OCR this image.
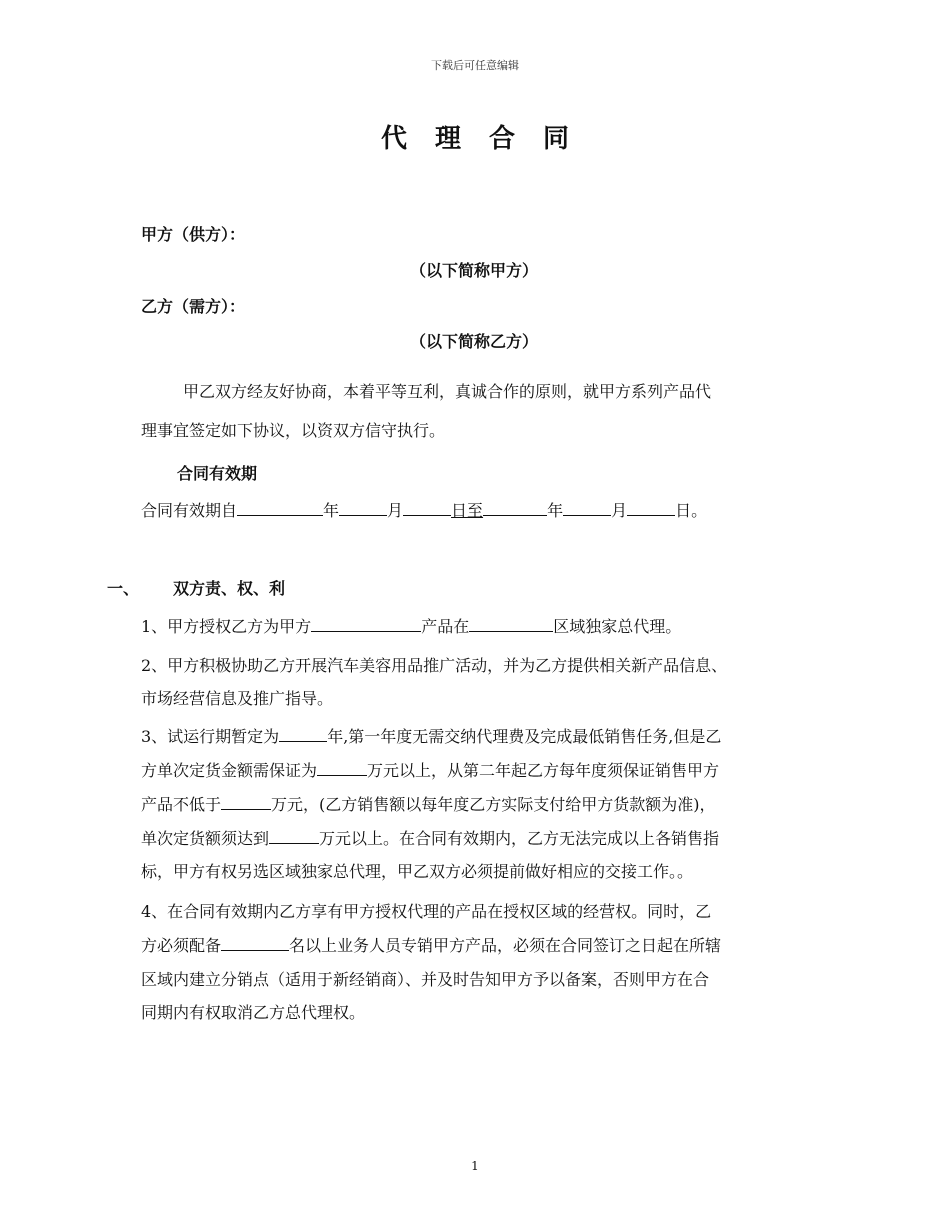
下载后可任意编辑
代理合同
甲方（供方）：
（以下简称甲方）
乙方（需方）：
（以下简称乙方）
甲乙双方经友好协商，本着平等互利，真诚合作的原则，就甲方系列产品代
理事宜签定如下协议，以资双方信守执行。
合同有效期
合同有效期自	年	月	日至	年	月	日。
一、 双方责、权、利
1、甲方授权乙方为甲方	产品在	区域独家总代理。
2、甲方积极协助乙方开展汽车美容用品推广活动，并为乙方提供相关新产品信息、
市场经营信息及推广指导。
3、试运行期暂定为	年,第一年度无需交纳代理费及完成最低销售任务,但是乙
方单次定货金额需保证为	万元以上，从第二年起乙方每年度须保证销售甲方
产品不低于	万元，(乙方销售额以每年度乙方实际支付给甲方货款额为准)，
单次定货额须达到	万元以上。在合同有效期内，乙方无法完成以上各销售指
标，甲方有权另选区域独家总代理，甲乙双方必须提前做好相应的交接工作。。
4、在合同有效期内乙方享有甲方授权代理的产品在授权区域的经营权。同时，乙
方必须配备	名以上业务人员专销甲方产品，必须在合同签订之日起在所辖
区域内建立分销点（适用于新经销商）、并及时告知甲方予以备案，否则甲方在合
同期内有权取消乙方总代理权。
1
